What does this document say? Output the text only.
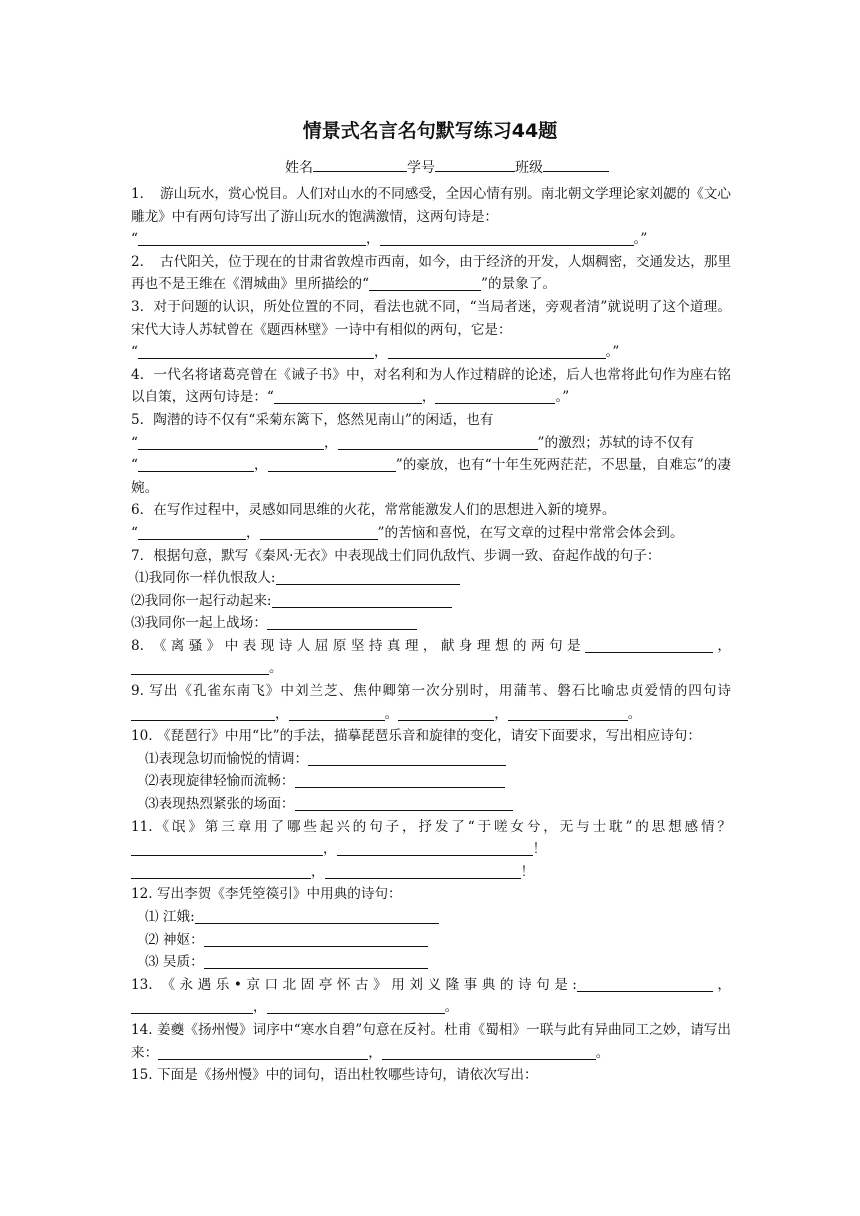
情景式名言名句默写练习44题
姓名	学号	班级

1．　游山玩水，赏心悦目。人们对山水的不同感受，全因心情有别。南北朝文学理论家刘勰的《文心雕龙》中有两句诗写出了游山玩水的饱满激情，这两句诗是：
“	，	。”

2．　古代阳关，位于现在的甘肃省敦煌市西南，如今，由于经济的开发，人烟稠密，交通发达，那里再也不是王维在《渭城曲》里所描绘的“	”的景象了。

3．对于问题的认识，所处位置的不同，看法也就不同，“当局者迷，旁观者清”就说明了这个道理。宋代大诗人苏轼曾在《题西林壁》一诗中有相似的两句，它是：
“	，	。”

4．一代名将诸葛亮曾在《诫子书》中，对名利和为人作过精辟的论述，后人也常将此句作为座右铭以自策，这两句诗是：“	，	。”

5．陶潜的诗不仅有“采菊东篱下，悠然见南山”的闲适，也有
“	，	”的激烈；苏轼的诗不仅有
“	，	”的豪放，也有“十年生死两茫茫，不思量，自难忘”的凄婉。

6．在写作过程中，灵感如同思维的火花，常常能激发人们的思想进入新的境界。
“	，	”的苦恼和喜悦，在写文章的过程中常常会体会到。

7．根据句意，默写《秦风·无衣》中表现战士们同仇敌忾、步调一致、奋起作战的句子：
⑴我同你一样仇恨敌人:
⑵我同你一起行动起来:
⑶我同你一起上战场：

8. 《离骚》中表现诗人屈原坚持真理，献身理想的两句是	，。

9. 写出《孔雀东南飞》中刘兰芝、焦仲卿第一次分别时，用蒲苇、磐石比喻忠贞爱情的四句诗，	。	，	。

10. 《琵琶行》中用“比”的手法，描摹琵琶乐音和旋律的变化，请安下面要求，写出相应诗句：
⑴表现急切而愉悦的情调：
⑵表现旋律轻愉而流畅：
⑶表现热烈紧张的场面：

11.《氓》第三章用了哪些起兴的句子，抒发了“于嗟女兮，无与士耽”的思想感情？，	！
，	！

12. 写出李贺《李凭箜篌引》中用典的诗句：
⑴ 江娥:
⑵ 神妪：
⑶ 吴质：

13. 《永遇乐•京口北固亭怀古》用刘义隆事典的诗句是:	，，	。

14. 姜夔《扬州慢》词序中“寒水自碧”句意在反衬。杜甫《蜀相》一联与此有异曲同工之妙，请写出来：	，	。

15. 下面是《扬州慢》中的词句，语出杜牧哪些诗句，请依次写出：
